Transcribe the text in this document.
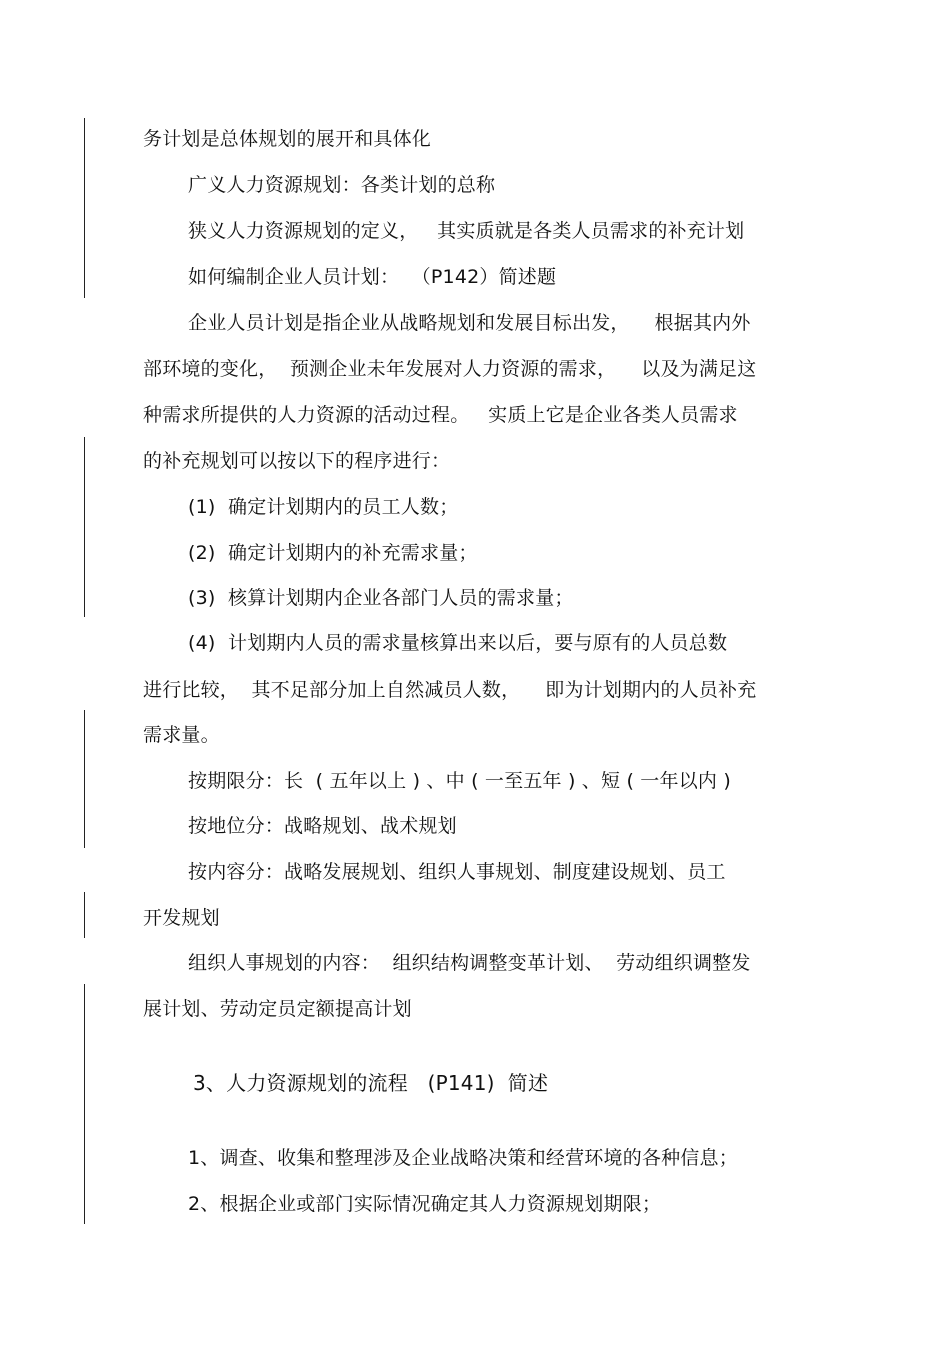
务计划是总体规划的展开和具体化
广义人力资源规划：各类计划的总称
狭义人力资源规划的定义，   其实质就是各类人员需求的补充计划
如何编制企业人员计划：  （P142）简述题
企业人员计划是指企业从战略规划和发展目标出发，    根据其内外
部环境的变化，  预测企业未年发展对人力资源的需求，    以及为满足这
种需求所提供的人力资源的活动过程。   实质上它是企业各类人员需求
的补充规划可以按以下的程序进行：
(1)  确定计划期内的员工人数；
(2)  确定计划期内的补充需求量；
(3)  核算计划期内企业各部门人员的需求量；
(4)  计划期内人员的需求量核算出来以后，要与原有的人员总数
进行比较，  其不足部分加上自然减员人数，    即为计划期内的人员补充
需求量。
按期限分：长  ( 五年以上 ) 、中 ( 一至五年 ) 、短 ( 一年以内 )
按地位分：战略规划、战术规划
按内容分：战略发展规划、组织人事规划、制度建设规划、员工
开发规划
组织人事规划的内容：  组织结构调整变革计划、  劳动组织调整发
展计划、劳动定员定额提高计划
3、人力资源规划的流程   (P141)  简述
1、调查、收集和整理涉及企业战略决策和经营环境的各种信息；
2、根据企业或部门实际情况确定其人力资源规划期限；
